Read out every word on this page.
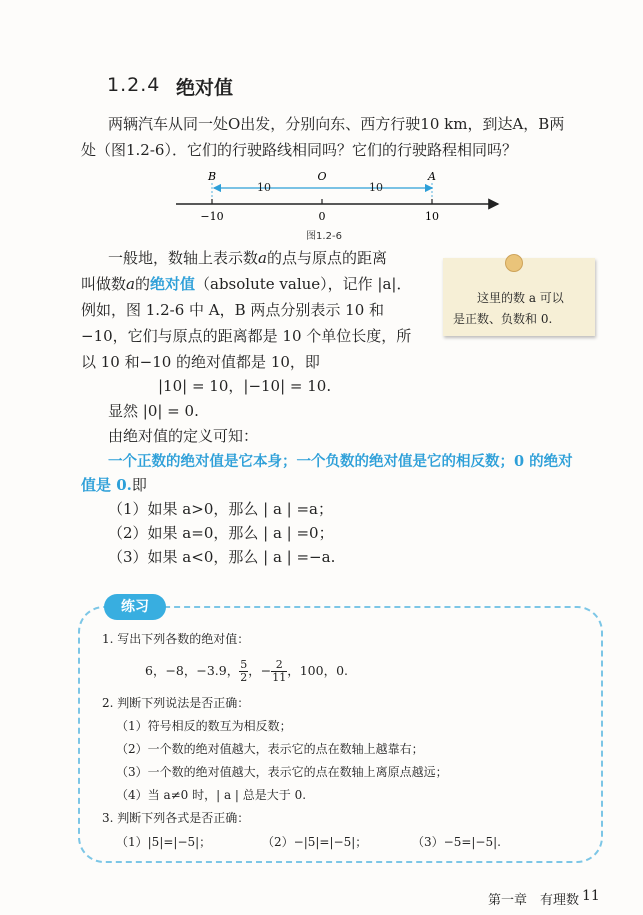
1.2.4 绝对值
两辆汽车从同一处O出发，分别向东、西方行驶10 km，到达A，B两
处（图1.2-6）．它们的行驶路线相同吗？它们的行驶路程相同吗？
B
−10
O
0
A
10
10	10
图1.2-6
一般地，数轴上表示数a的点与原点的距离
叫做数a的绝对值（absolute value），记作 |a|．
例如，图 1.2-6 中 A，B 两点分别表示 10 和
−10，它们与原点的距离都是 10 个单位长度，所
以 10 和−10 的绝对值都是 10，即
|10| = 10，|−10| = 10.
显然 |0| = 0.
由绝对值的定义可知：
一个正数的绝对值是它本身；一个负数的绝对值是它的相反数；0 的绝对
值是 0.即
（1）如果 a>0，那么 | a | =a；
（2）如果 a=0，那么 | a | =0；
（3）如果 a<0，那么 | a | =−a.
这里的数 a 可以
是正数、负数和 0.
练习
1. 写出下列各数的绝对值：
6，−8，−3.9， $\frac{5}{2}$ ，− $\frac{2}{11}$ ，100，0.
2. 判断下列说法是否正确：
（1）符号相反的数互为相反数；
（2）一个数的绝对值越大，表示它的点在数轴上越靠右；
（3）一个数的绝对值越大，表示它的点在数轴上离原点越远；
（4）当 a≠0 时，| a | 总是大于 0.
3. 判断下列各式是否正确：
（1）|5|=|−5|；	（2）−|5|=|−5|；	（3）−5=|−5|.
第一章　有理数 11
